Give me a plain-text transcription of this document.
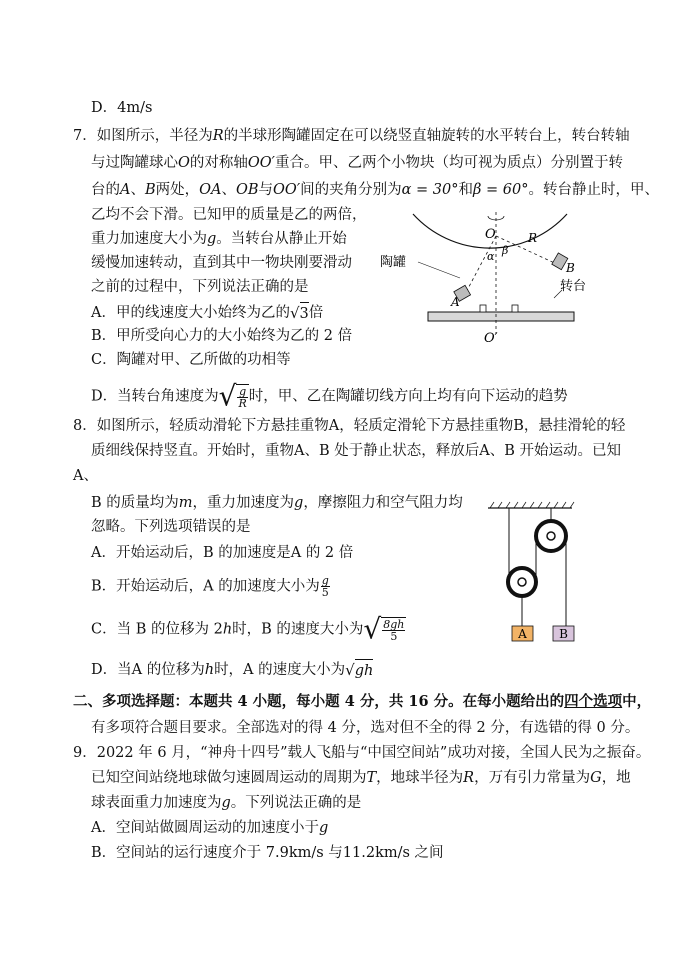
D．4m/s
7．如图所示，半径为R的半球形陶罐固定在可以绕竖直轴旋转的水平转台上，转台转轴
与过陶罐球心O的对称轴OO′重合。甲、乙两个小物块（均可视为质点）分别置于转
台的A、B两处，OA、OB与OO′间的夹角分别为α = 30°和β = 60°。转台静止时，甲、
乙均不会下滑。已知甲的质量是乙的两倍，
重力加速度大小为g。当转台从静止开始
缓慢加速转动，直到其中一物块刚要滑动
之前的过程中，下列说法正确的是
A．甲的线速度大小始终为乙的√3倍
B．甲所受向心力的大小始终为乙的 2 倍
C．陶罐对甲、乙所做的功相等
D．当转台角速度为√ $\frac{g}{R}$ 时，甲、乙在陶罐切线方向上均有向下运动的趋势
陶罐
转台
O	R
α β
A
B
O′
8．如图所示，轻质动滑轮下方悬挂重物A，轻质定滑轮下方悬挂重物B，悬挂滑轮的轻
质细线保持竖直。开始时，重物A、B 处于静止状态，释放后A、B 开始运动。已知
A、
B 的质量均为m，重力加速度为g，摩擦阻力和空气阻力均
忽略。下列选项错误的是
A．开始运动后，B 的加速度是A 的 2 倍
B．开始运动后，A 的加速度大小为 $\frac{g}{5}$
C．当 B 的位移为 2h时，B 的速度大小为√ $\frac{8gh}{5}$
D．当A 的位移为h时，A 的速度大小为√gh
A	B
二、多项选择题：本题共 4 小题，每小题 4 分，共 16 分。在每小题给出的四个选项中，
有多项符合题目要求。全部选对的得 4 分，选对但不全的得 2 分，有选错的得 0 分。
9．2022 年 6 月，“神舟十四号”载人飞船与“中国空间站”成功对接，全国人民为之振奋。
已知空间站绕地球做匀速圆周运动的周期为T，地球半径为R，万有引力常量为G，地
球表面重力加速度为g。下列说法正确的是
A．空间站做圆周运动的加速度小于g
B．空间站的运行速度介于 7.9km/s 与11.2km/s 之间
